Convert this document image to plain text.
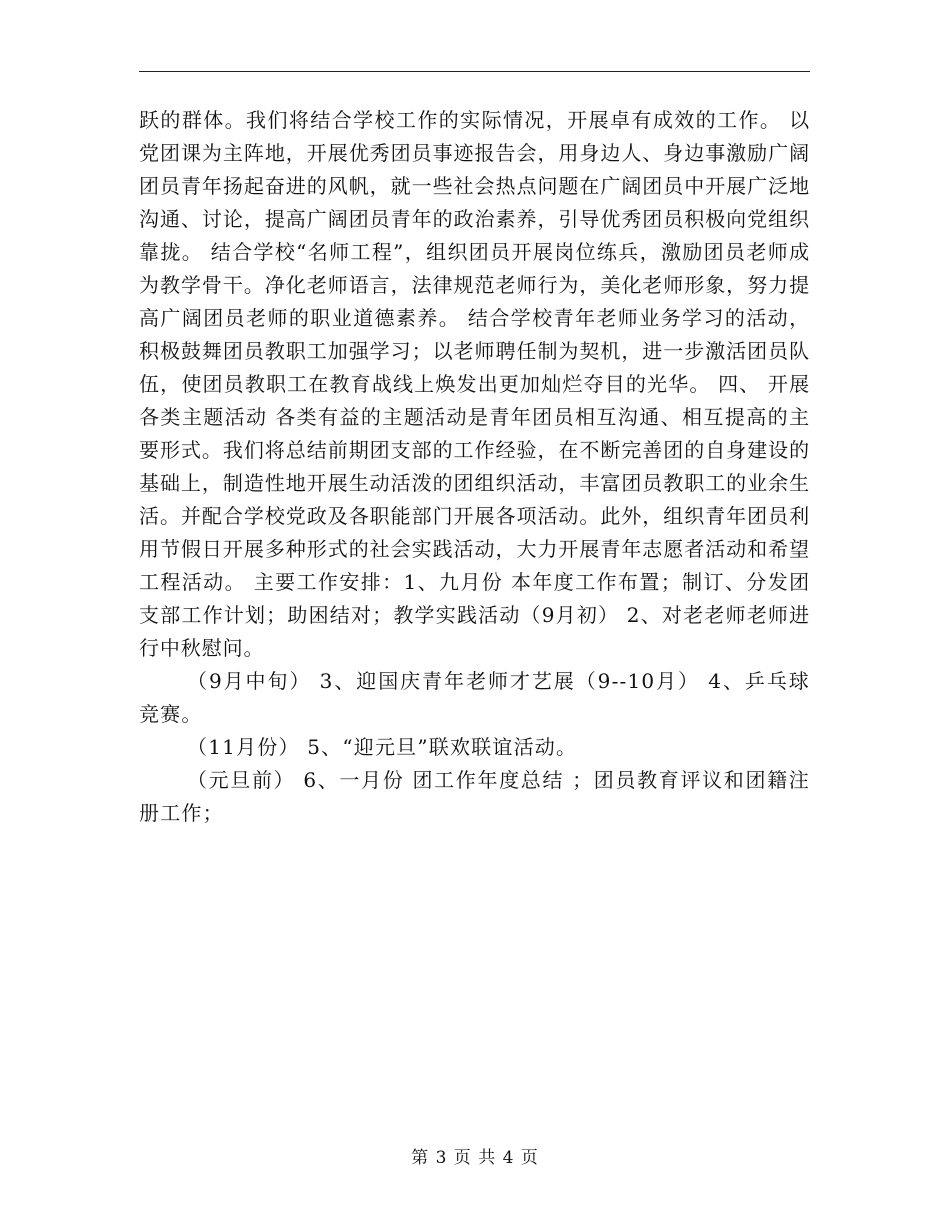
跃的群体。我们将结合学校工作的实际情况，开展卓有成效的工作。 以党团课为主阵地，开展优秀团员事迹报告会，用身边人、身边事激励广阔团员青年扬起奋进的风帆，就一些社会热点问题在广阔团员中开展广泛地沟通、讨论，提高广阔团员青年的政治素养，引导优秀团员积极向党组织靠拢。 结合学校“名师工程”，组织团员开展岗位练兵，激励团员老师成为教学骨干。净化老师语言，法律规范老师行为，美化老师形象，努力提高广阔团员老师的职业道德素养。 结合学校青年老师业务学习的活动，积极鼓舞团员教职工加强学习；以老师聘任制为契机，进一步激活团员队伍，使团员教职工在教育战线上焕发出更加灿烂夺目的光华。 四、 开展各类主题活动 各类有益的主题活动是青年团员相互沟通、相互提高的主要形式。我们将总结前期团支部的工作经验，在不断完善团的自身建设的基础上，制造性地开展生动活泼的团组织活动，丰富团员教职工的业余生活。并配合学校党政及各职能部门开展各项活动。此外，组织青年团员利用节假日开展多种形式的社会实践活动，大力开展青年志愿者活动和希望工程活动。 主要工作安排：1、九月份 本年度工作布置；制订、分发团支部工作计划；助困结对；教学实践活动（9月初） 2、对老老师老师进行中秋慰问。

（9月中旬） 3、迎国庆青年老师才艺展（9--10月） 4、乒乓球竞赛。

（11月份） 5、“迎元旦”联欢联谊活动。

（元旦前） 6、一月份 团工作年度总结 ；团员教育评议和团籍注册工作；

第 3 页 共 4 页
